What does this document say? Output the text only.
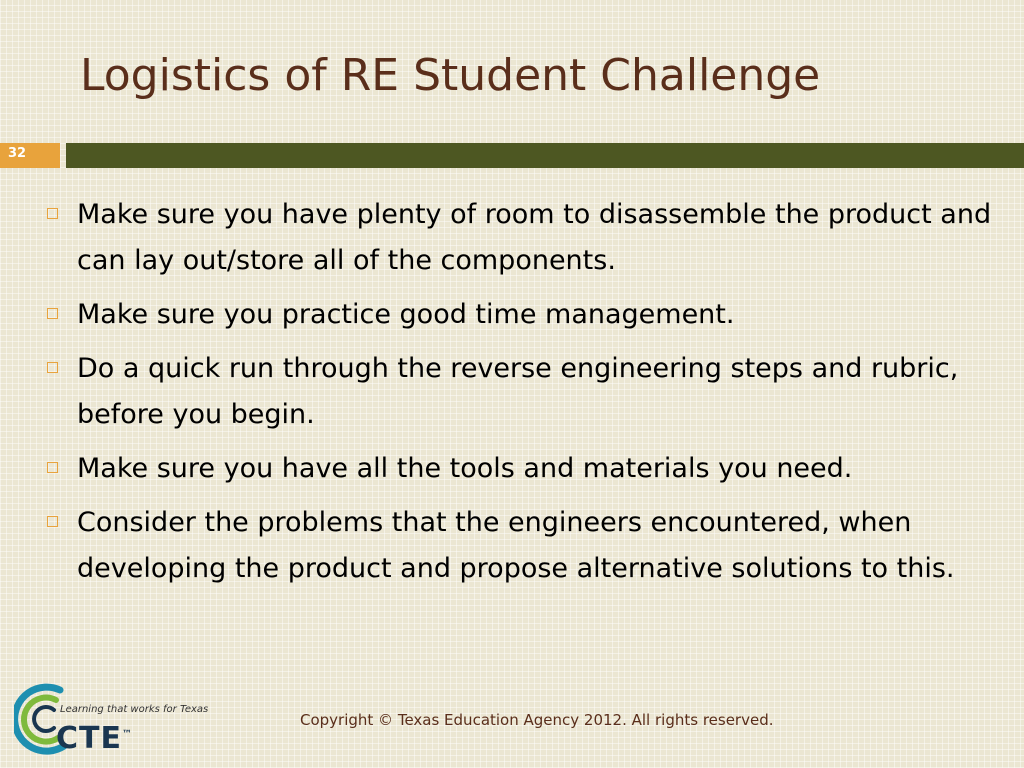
Logistics of RE Student Challenge
32
Make sure you have plenty of room to disassemble the product and can lay out/store all of the components.
Make sure you practice good time management.
Do a quick run through the reverse engineering steps and rubric, before you begin.
Make sure you have all the tools and materials you need.
Consider the problems that the engineers encountered, when developing the product and propose alternative solutions to this.
Learning that works for Texas
CTE™
Copyright © Texas Education Agency 2012. All rights reserved.
